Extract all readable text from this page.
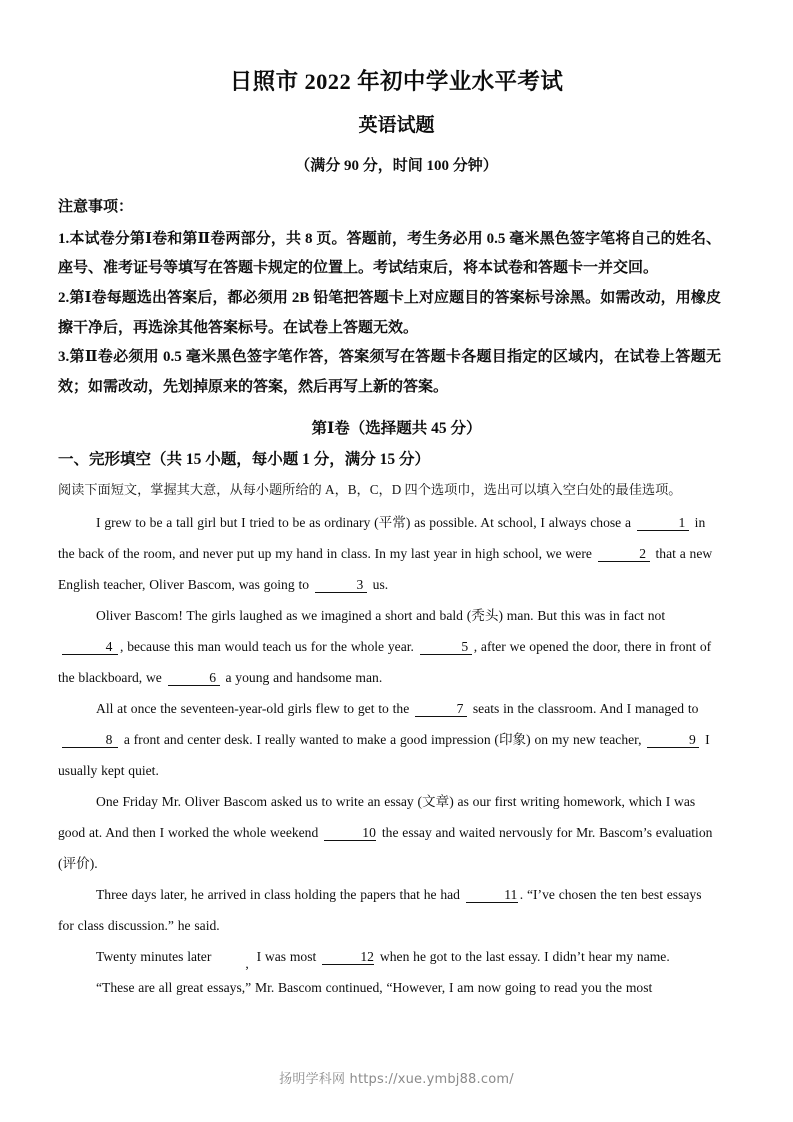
日照市 2022 年初中学业水平考试
英语试题
（满分 90 分，时间 100 分钟）
注意事项：

1.本试卷分第Ⅰ卷和第Ⅱ卷两部分，共 8 页。答题前，考生务必用 0.5 毫米黑色签字笔将自己的姓名、座号、准考证号等填写在答题卡规定的位置上。考试结束后，将本试卷和答题卡一并交回。

2.第Ⅰ卷每题选出答案后，都必须用 2B 铅笔把答题卡上对应题目的答案标号涂黑。如需改动，用橡皮擦干净后，再选涂其他答案标号。在试卷上答题无效。

3.第Ⅱ卷必须用 0.5 毫米黑色签字笔作答，答案须写在答题卡各题目指定的区域内，在试卷上答题无效；如需改动，先划掉原来的答案，然后再写上新的答案。

第Ⅰ卷（选择题共 45 分）
一、完形填空（共 15 小题，每小题 1 分，满分 15 分）
阅读下面短文，掌握其大意，从每小题所给的 A，B，C，D 四个选项巾，选出可以填入空白处的最佳选项。

I grew to be a tall girl but I tried to be as ordinary (平常) as possible. At school, I always chose a	1 in the back of the room, and never put up my hand in class. In my last year in high school, we were	2 that a new English teacher, Oliver Bascom, was going to	3 us.

Oliver Bascom! The girls laughed as we imagined a short and bald (秃头) man. But this was in fact not 4 , because this man would teach us for the whole year.	5 , after we opened the door, there in front of the blackboard, we	6 a young and handsome man.

All at once the seventeen-year-old girls flew to get to the	7 seats in the classroom. And I managed to 8 a front and center desk. I really wanted to make a good impression (印象) on my new teacher,	9 I usually kept quiet.

One Friday Mr. Oliver Bascom asked us to write an essay (文章) as our first writing homework, which I was good at. And then I worked the whole weekend	10 the essay and waited nervously for Mr. Bascom’s evaluation (评价).

Three days later, he arrived in class holding the papers that he had	11 . “I’ve chosen the ten best essays for class discussion.” he said.

Twenty minutes later	, I was most	12 when he got to the last essay. I didn’t hear my name.

“These are all great essays,” Mr. Bascom continued, “However, I am now going to read you the most

扬明学科网 https://xue.ymbj88.com/
